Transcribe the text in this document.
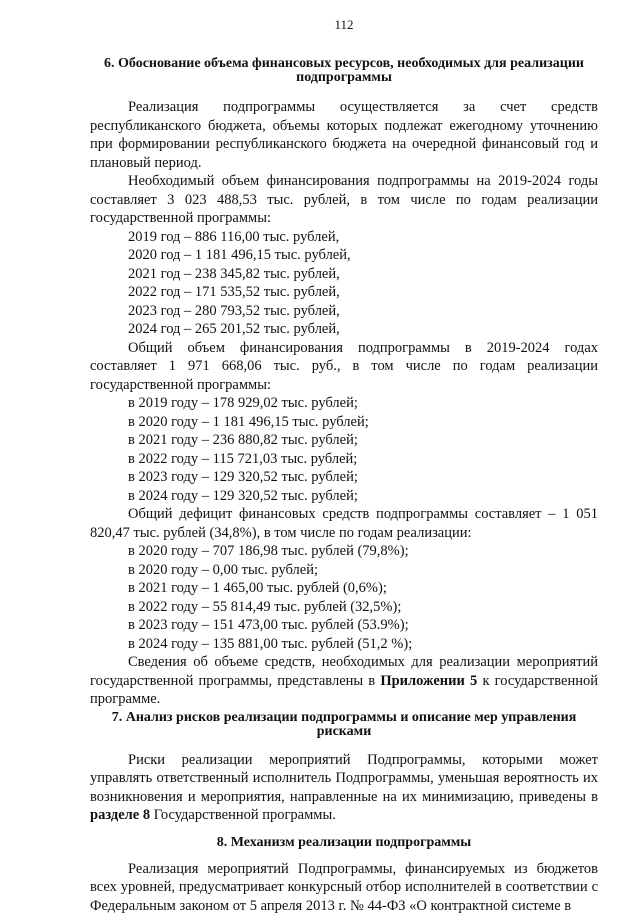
112
6. Обоснование объема финансовых ресурсов, необходимых для реализации подпрограммы

Реализация подпрограммы осуществляется за счет средств республиканского бюджета, объемы которых подлежат ежегодному уточнению при формировании республиканского бюджета на очередной финансовый год и плановый период.

Необходимый объем финансирования подпрограммы на 2019-2024 годы составляет 3 023 488,53 тыс. рублей, в том числе по годам реализации государственной программы:

2019 год – 886 116,00 тыс. рублей,
2020 год – 1 181 496,15 тыс. рублей,
2021 год – 238 345,82 тыс. рублей,
2022 год – 171 535,52 тыс. рублей,
2023 год – 280 793,52 тыс. рублей,
2024 год – 265 201,52 тыс. рублей,

Общий объем финансирования подпрограммы в 2019-2024 годах составляет 1 971 668,06 тыс. руб., в том числе по годам реализации государственной программы:

в 2019 году – 178 929,02 тыс. рублей;
в 2020 году – 1 181 496,15 тыс. рублей;
в 2021 году – 236 880,82 тыс. рублей;
в 2022 году – 115 721,03 тыс. рублей;
в 2023 году – 129 320,52 тыс. рублей;
в 2024 году – 129 320,52 тыс. рублей;

Общий дефицит финансовых средств подпрограммы составляет – 1 051 820,47 тыс. рублей (34,8%), в том числе по годам реализации:

в 2020 году – 707 186,98 тыс. рублей (79,8%);
в 2020 году – 0,00 тыс. рублей;
в 2021 году – 1 465,00 тыс. рублей (0,6%);
в 2022 году – 55 814,49 тыс. рублей (32,5%);
в 2023 году – 151 473,00 тыс. рублей (53.9%);
в 2024 году – 135 881,00 тыс. рублей (51,2 %);

Сведения об объеме средств, необходимых для реализации мероприятий государственной программы, представлены в Приложении 5 к государственной программе.

7. Анализ рисков реализации подпрограммы и описание мер управления рисками

Риски реализации мероприятий Подпрограммы, которыми может управлять ответственный исполнитель Подпрограммы, уменьшая вероятность их возникновения и мероприятия, направленные на их минимизацию, приведены в разделе 8 Государственной программы.

8. Механизм реализации подпрограммы

Реализация мероприятий Подпрограммы, финансируемых из бюджетов всех уровней, предусматривает конкурсный отбор исполнителей в соответствии с Федеральным законом от 5 апреля 2013 г. № 44-ФЗ «О контрактной системе в
